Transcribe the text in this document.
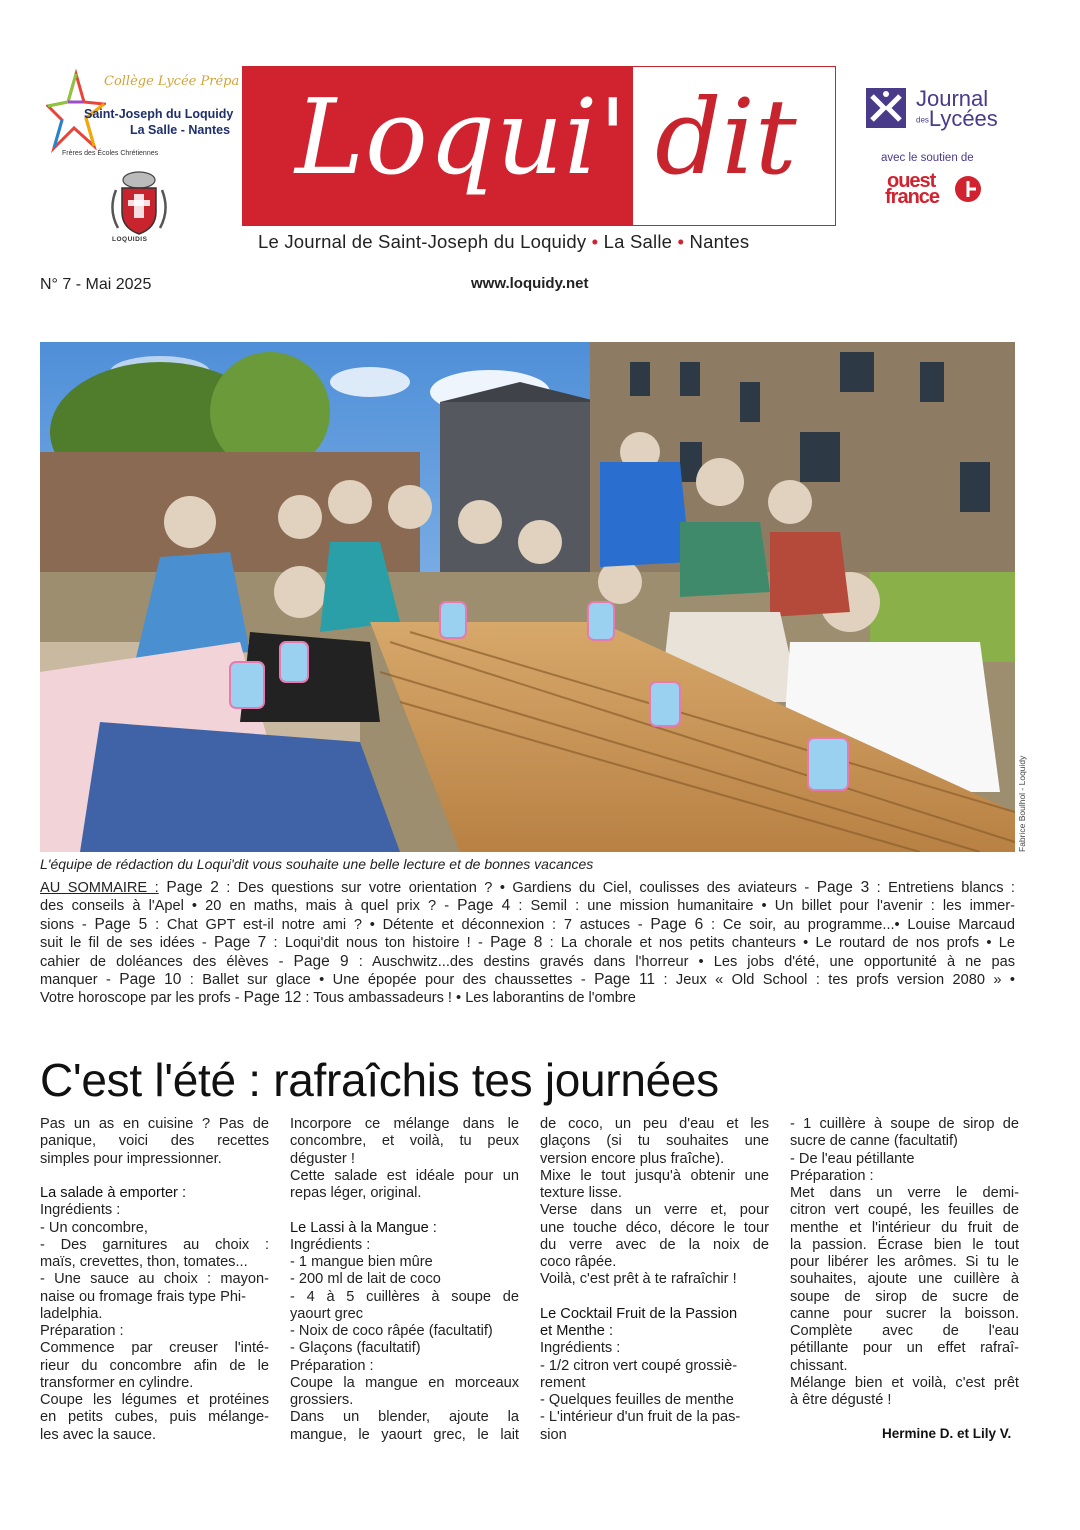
Collège Lycée Prépa
Saint-Joseph du Loquidy
La Salle - Nantes
Frères des Écoles Chrétiennes
LOQUIDIS
Loqui' dit
Le Journal de Saint-Joseph du Loquidy • La Salle • Nantes
Journal
desLycées
avec le soutien de
ouest
france
N° 7 - Mai 2025	www.loquidy.net
Fabrice Boulhol - Loquidy
L'équipe de rédaction du Loqui'dit vous souhaite une belle lecture et de bonnes vacances
AU SOMMAIRE : Page 2 : Des questions sur votre orientation ? • Gardiens du Ciel, coulisses des aviateurs - Page 3 : Entretiens blancs :
des conseils à l'Apel • 20 en maths, mais à quel prix ? - Page 4 : Semil : une mission humanitaire • Un billet pour l'avenir : les immer-
sions - Page 5 : Chat GPT est-il notre ami ? • Détente et déconnexion : 7 astuces - Page 6 : Ce soir, au programme...• Louise Marcaud
suit le fil de ses idées - Page 7 : Loqui'dit nous ton histoire ! - Page 8 : La chorale et nos petits chanteurs • Le routard de nos profs • Le
cahier de doléances des élèves - Page 9 : Auschwitz...des destins gravés dans l'horreur • Les jobs d'été, une opportunité à ne pas
manquer - Page 10 : Ballet sur glace • Une épopée pour des chaussettes - Page 11 : Jeux « Old School : tes profs version 2080 » •
Votre horoscope par les profs - Page 12 : Tous ambassadeurs ! • Les laborantins de l'ombre
C'est l'été : rafraîchis tes journées
Pas un as en cuisine ? Pas de
panique, voici des recettes
simples pour impressionner.
La salade à emporter :
Ingrédients :
- Un concombre,
- Des garnitures au choix :
maïs, crevettes, thon, tomates...
- Une sauce au choix : mayon-
naise ou fromage frais type Phi-
ladelphia.
Préparation :
Commence par creuser l'inté-
rieur du concombre afin de le
transformer en cylindre.
Coupe les légumes et protéines
en petits cubes, puis mélange-
les avec la sauce.
Incorpore ce mélange dans le
concombre, et voilà, tu peux
déguster !
Cette salade est idéale pour un
repas léger, original.
Le Lassi à la Mangue :
Ingrédients :
- 1 mangue bien mûre
- 200 ml de lait de coco
- 4 à 5 cuillères à soupe de
yaourt grec
- Noix de coco râpée (facultatif)
- Glaçons (facultatif)
Préparation :
Coupe la mangue en morceaux
grossiers.
Dans un blender, ajoute la
mangue, le yaourt grec, le lait
de coco, un peu d'eau et les
glaçons (si tu souhaites une
version encore plus fraîche).
Mixe le tout jusqu'à obtenir une
texture lisse.
Verse dans un verre et, pour
une touche déco, décore le tour
du verre avec de la noix de
coco râpée.
Voilà, c'est prêt à te rafraîchir !
Le Cocktail Fruit de la Passion
et Menthe :
Ingrédients :
- 1/2 citron vert coupé grossiè-
rement
- Quelques feuilles de menthe
- L'intérieur d'un fruit de la pas-
sion
- 1 cuillère à soupe de sirop de
sucre de canne (facultatif)
- De l'eau pétillante
Préparation :
Met dans un verre le demi-
citron vert coupé, les feuilles de
menthe et l'intérieur du fruit de
la passion. Écrase bien le tout
pour libérer les arômes. Si tu le
souhaites, ajoute une cuillère à
soupe de sirop de sucre de
canne pour sucrer la boisson.
Complète avec de l'eau
pétillante pour un effet rafraî-
chissant.
Mélange bien et voilà, c'est prêt
à être dégusté !
Hermine D. et Lily V.
